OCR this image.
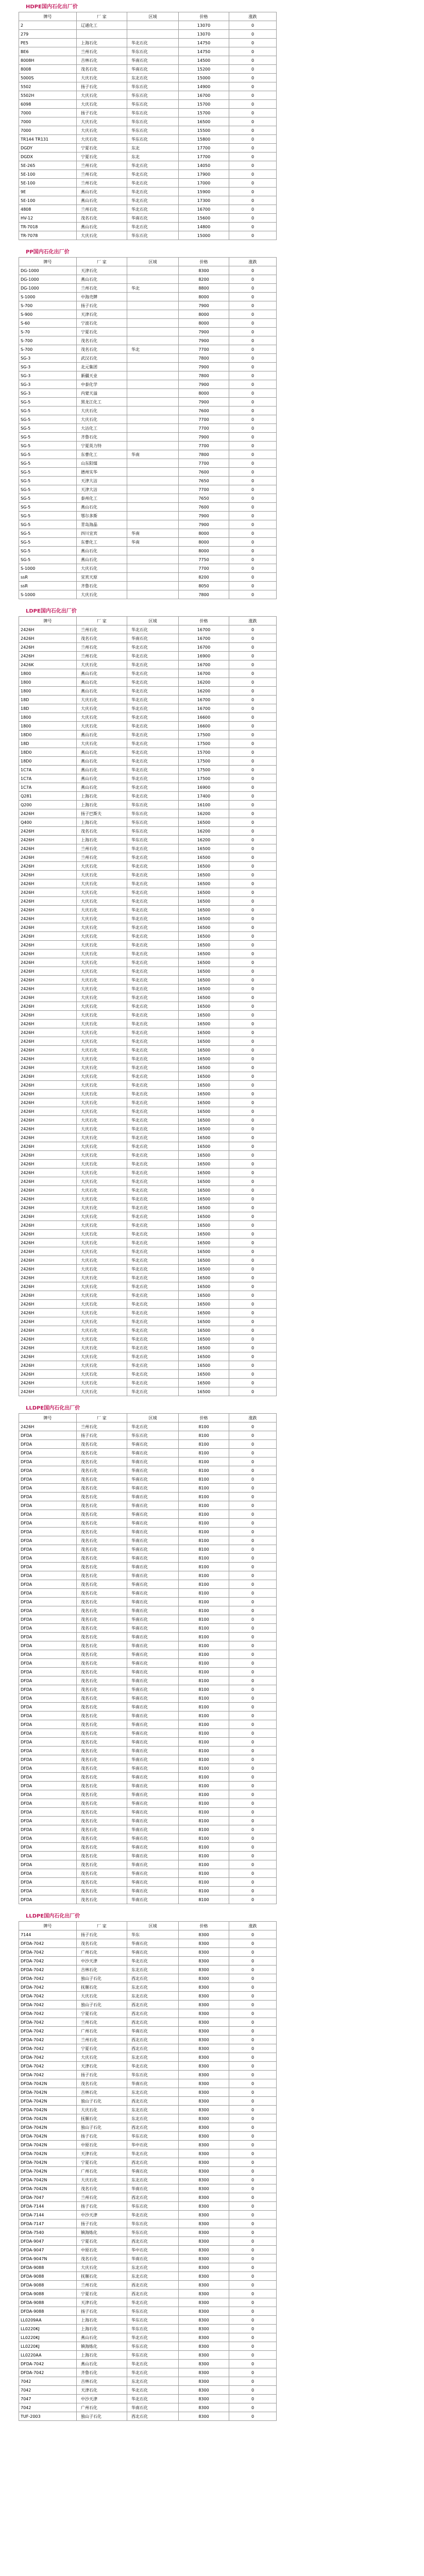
HDPE国内石化出厂价
牌号	厂 家	区域	价格	涨跌
2	辽通化工		13070	0
279			13070	0
PE5	上海石化	华北石化	14750	0
BE6	兰州石化	华东石化	14750	0
8008H	吉林石化	华南石化	14500	0
8008	茂名石化	华南石化	15200	0
5000S	大庆石化	东北石化	15000	0
5502	扬子石化	华东石化	14900	0
5502H	大庆石化	华东石化	16700	0
6098	大庆石化	华东石化	15700	0
7000	扬子石化	华东石化	15700	0
7000	大庆石化	华东石化	16500	0
7000	大庆石化	华东石化	15500	0
TR144 TR131	大庆石化	华东石化	15800	0
DGDY	宁夏石化	东北	17700	0
DGDX	宁夏石化	东北	17700	0
5E-265	兰州石化	华北石化	14050	0
5E-100	兰州石化	华北石化	17900	0
5E-100	兰州石化	华北石化	17000	0
9E	燕山石化	华北石化	15900	0
5E-100	燕山石化	华北石化	17300	0
4808	兰州石化	华北石化	16700	0
HV-12	茂名石化	华南石化	15600	0
TR-7018	燕山石化	华北石化	14800	0
TR-7078	大庆石化	华东石化	15000	0
PP国内石化出厂价
牌号	厂 家	区域	价格	涨跌
DG-1000	天津石化		8300	0
DG-1000	燕山石化		8200	0
DG-1000	兰州石化	华北	8800	0
S-1000	中海壳牌		8000	0
S-700	扬子石化		7900	0
S-900	天津石化		8000	0
S-60	宁波石化		8000	0
S-70	宁夏石化		7900	0
S-700	茂名石化		7900	0
S-700	茂名石化	华北	7700	0
SG-3	武汉石化		7800	0
SG-3	北元集团		7900	0
SG-3	新疆天业		7800	0
SG-3	中泰化学		7900	0
SG-3	内蒙天溢		8000	0
SG-5	黑龙江化工		7900	0
SG-5	大庆石化		7600	0
SG-5	大庆石化		7700	0
SG-5	大沽化工		7700	0
SG-5	齐鲁石化		7900	0
SG-5	宁夏英力特		7700	0
SG-5	东曹化工	华南	7800	0
SG-5	山东阳煤		7700	0
SG-5	德州实华		7600	0
SG-5	天津大沽		7650	0
SG-5	天津大沽		7700	0
SG-5	泰州化工		7650	0
SG-5	燕山石化		7600	0
SG-5	鄂尔多斯		7900	0
SG-5	青岛海晶		7900	0
SG-5	四川宜宾	华南	8000	0
SG-5	东曹化工	华南	8000	0
SG-5	燕山石化		8000	0
SG-5	燕山石化		7750	0
S-1000	大庆石化		7700	0
ssR	宜宾天原		8200	0
ssR	齐鲁石化		8050	0
S-1000	大庆石化		7800	0
LDPE国内石化出厂价
牌号	厂 家	区域	价格	涨跌
2426H	兰州石化	华北石化	16700	0
2426H	茂名石化	华南石化	16700	0
2426H	兰州石化	华北石化	16700	0
2426H	兰州石化	华北石化	16900	0
2426K	大庆石化	华北石化	16700	0
1800	燕山石化	华北石化	16700	0
1800	燕山石化	华北石化	16200	0
1800	燕山石化	华北石化	16200	0
18D	大庆石化	华北石化	16700	0
18D	大庆石化	华北石化	16700	0
1800	大庆石化	华北石化	16600	0
1800	大庆石化	华北石化	16600	0
18D0	燕山石化	华北石化	17500	0
18D	大庆石化	华北石化	17500	0
18D0	燕山石化	华北石化	15700	0
18D0	燕山石化	华北石化	17500	0
1C7A	燕山石化	华北石化	17500	0
1C7A	燕山石化	华北石化	17500	0
1C7A	燕山石化	华北石化	16900	0
Q281	上海石化	华北石化	17400	0
Q200	上海石化	华东石化	16100	0
2426H	扬子巴斯夫	华东石化	16200	0
Q400	上海石化	华东石化	16500	0
2426H	茂名石化	华东石化	16200	0
2426H	上海石化	华东石化	16200	0
2426H	兰州石化	华北石化	16500	0
2426H	兰州石化	华北石化	16500	0
2426H	大庆石化	华北石化	16500	0
2426H	大庆石化	华北石化	16500	0
2426H	大庆石化	华北石化	16500	0
2426H	大庆石化	华北石化	16500	0
2426H	大庆石化	华北石化	16500	0
2426H	大庆石化	华北石化	16500	0
2426H	大庆石化	华北石化	16500	0
2426H	大庆石化	华北石化	16500	0
2426H	大庆石化	华北石化	16500	0
2426H	大庆石化	华北石化	16500	0
2426H	大庆石化	华北石化	16500	0
2426H	大庆石化	华北石化	16500	0
2426H	大庆石化	华北石化	16500	0
2426H	大庆石化	华北石化	16500	0
2426H	大庆石化	华北石化	16500	0
2426H	大庆石化	华北石化	16500	0
2426H	大庆石化	华北石化	16500	0
2426H	大庆石化	华北石化	16500	0
2426H	大庆石化	华北石化	16500	0
2426H	大庆石化	华北石化	16500	0
2426H	大庆石化	华北石化	16500	0
2426H	大庆石化	华北石化	16500	0
2426H	大庆石化	华北石化	16500	0
2426H	大庆石化	华北石化	16500	0
2426H	大庆石化	华北石化	16500	0
2426H	大庆石化	华北石化	16500	0
2426H	大庆石化	华北石化	16500	0
2426H	大庆石化	华北石化	16500	0
2426H	大庆石化	华北石化	16500	0
2426H	大庆石化	华北石化	16500	0
2426H	大庆石化	华北石化	16500	0
2426H	大庆石化	华北石化	16500	0
2426H	大庆石化	华北石化	16500	0
2426H	大庆石化	华北石化	16500	0
2426H	大庆石化	华北石化	16500	0
2426H	大庆石化	华北石化	16500	0
2426H	大庆石化	华北石化	16500	0
2426H	大庆石化	华北石化	16500	0
2426H	大庆石化	华北石化	16500	0
2426H	大庆石化	华北石化	16500	0
2426H	大庆石化	华北石化	16500	0
2426H	大庆石化	华北石化	16500	0
2426H	大庆石化	华北石化	16500	0
2426H	大庆石化	华北石化	16500	0
2426H	大庆石化	华北石化	16500	0
2426H	大庆石化	华北石化	16500	0
2426H	大庆石化	华北石化	16500	0
2426H	大庆石化	华北石化	16500	0
2426H	大庆石化	华北石化	16500	0
2426H	大庆石化	华北石化	16500	0
2426H	大庆石化	华北石化	16500	0
2426H	大庆石化	华北石化	16500	0
2426H	大庆石化	华北石化	16500	0
2426H	大庆石化	华北石化	16500	0
2426H	大庆石化	华北石化	16500	0
2426H	大庆石化	华北石化	16500	0
2426H	大庆石化	华北石化	16500	0
2426H	大庆石化	华北石化	16500	0
2426H	大庆石化	华北石化	16500	0
2426H	大庆石化	华北石化	16500	0
2426H	大庆石化	华北石化	16500	0
LLDPE国内石化出厂价
牌号	厂 家	区域	价格	涨跌
2426H	兰州石化	华北石化	8100	0
DFDA	扬子石化	华东石化	8100	0
DFDA	茂名石化	华南石化	8100	0
DFDA	茂名石化	华南石化	8100	0
DFDA	茂名石化	华南石化	8100	0
DFDA	茂名石化	华南石化	8100	0
DFDA	茂名石化	华南石化	8100	0
DFDA	茂名石化	华南石化	8100	0
DFDA	茂名石化	华南石化	8100	0
DFDA	茂名石化	华南石化	8100	0
DFDA	茂名石化	华南石化	8100	0
DFDA	茂名石化	华南石化	8100	0
DFDA	茂名石化	华南石化	8100	0
DFDA	茂名石化	华南石化	8100	0
DFDA	茂名石化	华南石化	8100	0
DFDA	茂名石化	华南石化	8100	0
DFDA	茂名石化	华南石化	8100	0
DFDA	茂名石化	华南石化	8100	0
DFDA	茂名石化	华南石化	8100	0
DFDA	茂名石化	华南石化	8100	0
DFDA	茂名石化	华南石化	8100	0
DFDA	茂名石化	华南石化	8100	0
DFDA	茂名石化	华南石化	8100	0
DFDA	茂名石化	华南石化	8100	0
DFDA	茂名石化	华南石化	8100	0
DFDA	茂名石化	华南石化	8100	0
DFDA	茂名石化	华南石化	8100	0
DFDA	茂名石化	华南石化	8100	0
DFDA	茂名石化	华南石化	8100	0
DFDA	茂名石化	华南石化	8100	0
DFDA	茂名石化	华南石化	8100	0
DFDA	茂名石化	华南石化	8100	0
DFDA	茂名石化	华南石化	8100	0
DFDA	茂名石化	华南石化	8100	0
DFDA	茂名石化	华南石化	8100	0
DFDA	茂名石化	华南石化	8100	0
DFDA	茂名石化	华南石化	8100	0
DFDA	茂名石化	华南石化	8100	0
DFDA	茂名石化	华南石化	8100	0
DFDA	茂名石化	华南石化	8100	0
DFDA	茂名石化	华南石化	8100	0
DFDA	茂名石化	华南石化	8100	0
DFDA	茂名石化	华南石化	8100	0
DFDA	茂名石化	华南石化	8100	0
DFDA	茂名石化	华南石化	8100	0
DFDA	茂名石化	华南石化	8100	0
DFDA	茂名石化	华南石化	8100	0
DFDA	茂名石化	华南石化	8100	0
DFDA	茂名石化	华南石化	8100	0
DFDA	茂名石化	华南石化	8100	0
DFDA	茂名石化	华南石化	8100	0
DFDA	茂名石化	华南石化	8100	0
DFDA	茂名石化	华南石化	8100	0
DFDA	茂名石化	华南石化	8100	0
DFDA	茂名石化	华南石化	8100	0
LLDPE国内石化出厂价
牌号	厂 家	区域	价格	涨跌
7144	扬子石化	华东	8300	0
DFDA-7042	茂名石化	华南石化	8300	0
DFDA-7042	广州石化	华南石化	8300	0
DFDA-7042	中沙天津	华北石化	8300	0
DFDA-7042	吉林石化	东北石化	8300	0
DFDA-7042	独山子石化	西北石化	8300	0
DFDA-7042	抚顺石化	东北石化	8300	0
DFDA-7042	大庆石化	东北石化	8300	0
DFDA-7042	独山子石化	西北石化	8300	0
DFDA-7042	宁夏石化	西北石化	8300	0
DFDA-7042	兰州石化	西北石化	8300	0
DFDA-7042	广州石化	华南石化	8300	0
DFDA-7042	兰州石化	西北石化	8300	0
DFDA-7042	宁夏石化	西北石化	8300	0
DFDA-7042	大庆石化	东北石化	8300	0
DFDA-7042	天津石化	华北石化	8300	0
DFDA-7042	扬子石化	华东石化	8300	0
DFDA-7042N	茂名石化	华南石化	8300	0
DFDA-7042N	吉林石化	东北石化	8300	0
DFDA-7042N	独山子石化	西北石化	8300	0
DFDA-7042N	大庆石化	东北石化	8300	0
DFDA-7042N	抚顺石化	东北石化	8300	0
DFDA-7042N	独山子石化	西北石化	8300	0
DFDA-7042N	扬子石化	华东石化	8300	0
DFDA-7042N	中原石化	华中石化	8300	0
DFDA-7042N	天津石化	华北石化	8300	0
DFDA-7042N	宁夏石化	西北石化	8300	0
DFDA-7042N	广州石化	华南石化	8300	0
DFDA-7042N	大庆石化	东北石化	8300	0
DFDA-7042N	茂名石化	华南石化	8300	0
DFDA-7047	兰州石化	西北石化	8300	0
DFDA-7144	扬子石化	华东石化	8300	0
DFDA-7144	中沙天津	华北石化	8300	0
DFDA-7147	扬子石化	华东石化	8300	0
DFDA-7540	镇海炼化	华东石化	8300	0
DFDA-9047	宁夏石化	西北石化	8300	0
DFDA-9047	中原石化	华中石化	8300	0
DFDA-9047N	茂名石化	华南石化	8300	0
DFDA-9088	大庆石化	东北石化	8300	0
DFDA-9088	抚顺石化	东北石化	8300	0
DFDA-9088	兰州石化	西北石化	8300	0
DFDA-9088	宁夏石化	西北石化	8300	0
DFDA-9088	天津石化	华北石化	8300	0
DFDA-9088	扬子石化	华东石化	8300	0
LL0209AA	上海石化	华东石化	8300	0
LL0220KJ	上海石化	华东石化	8300	0
LL0220KJ	燕山石化	华北石化	8300	0
LL0220KJ	镇海炼化	华东石化	8300	0
LL0220AA	上海石化	华东石化	8300	0
DFDA-7042	燕山石化	华北石化	8300	0
DFDA-7042	齐鲁石化	华北石化	8300	0
7042	吉林石化	东北石化	8300	0
7042	天津石化	华北石化	8300	0
7047	中沙天津	华北石化	8300	0
7042	广州石化	华南石化	8300	0
TUF-2003	独山子石化	西北石化	8300	0
